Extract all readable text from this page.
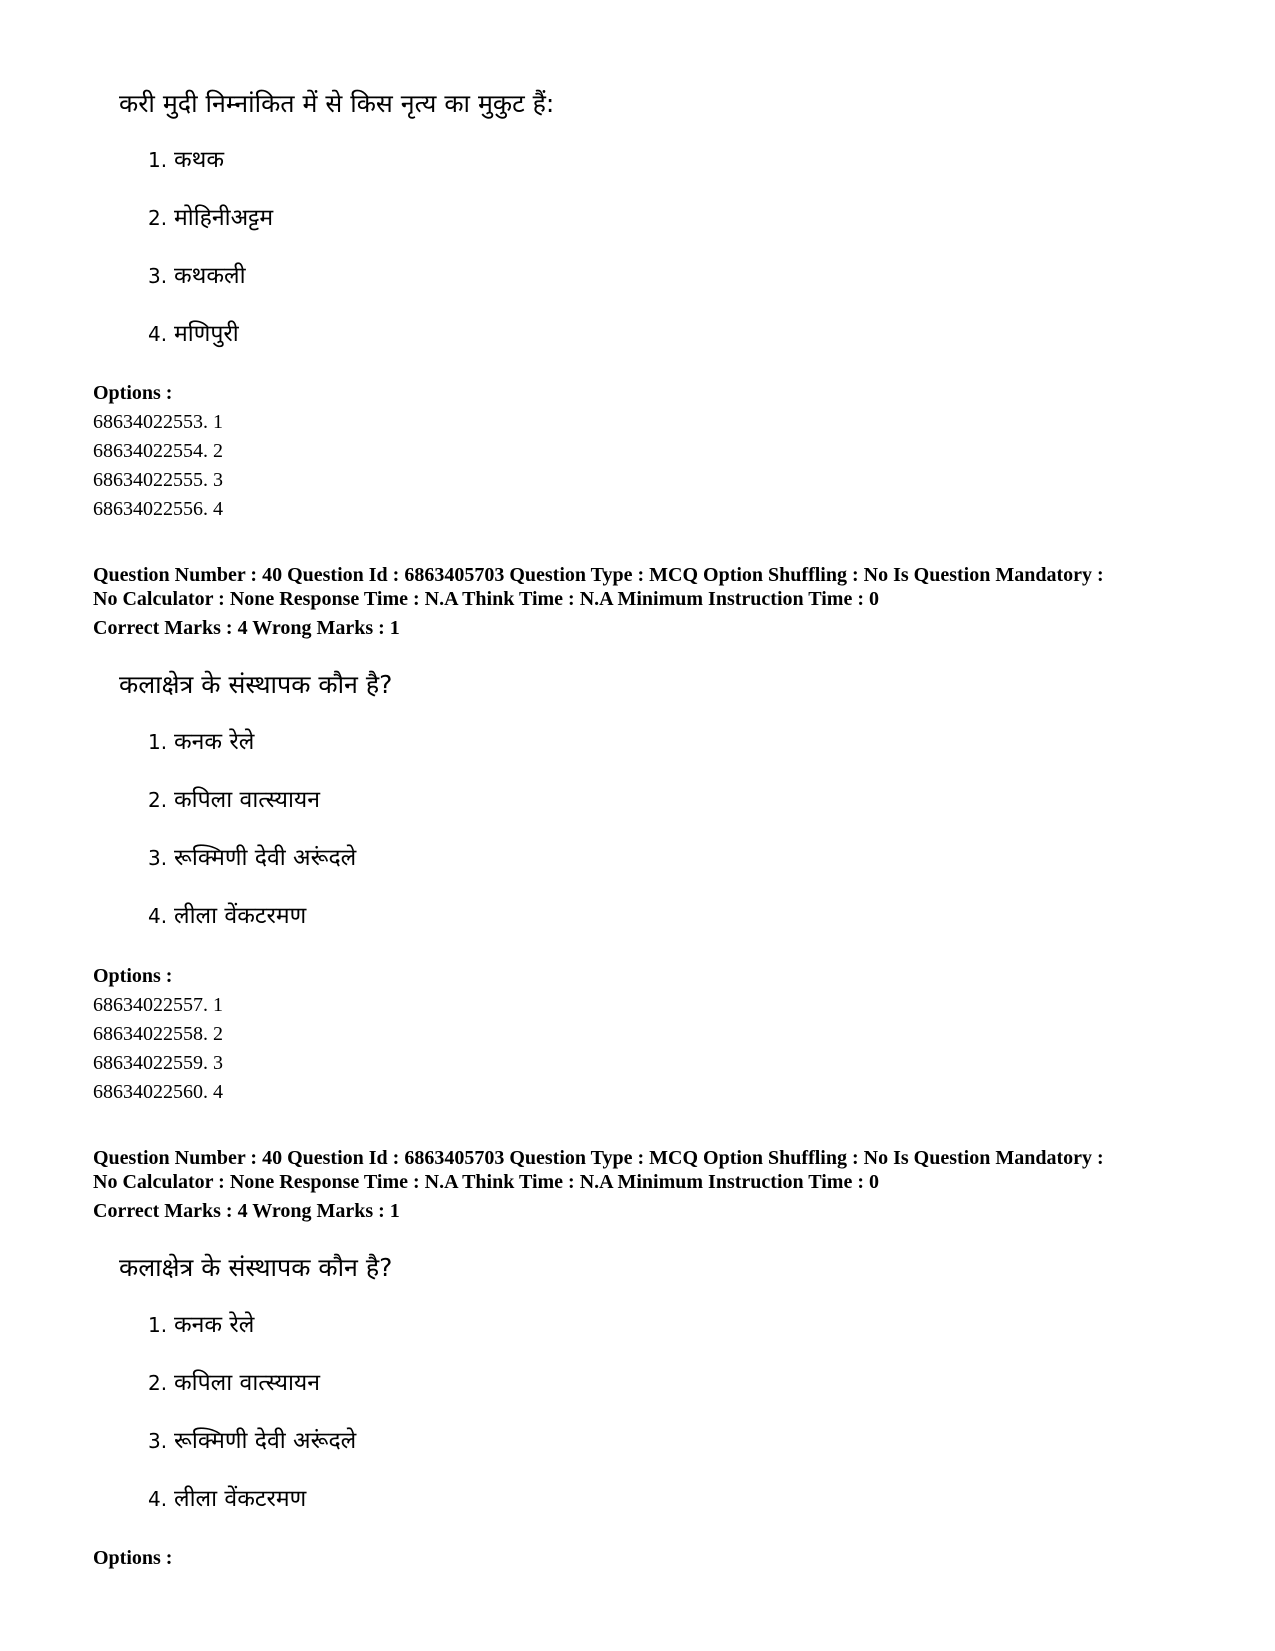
करी मुदी निम्नांकित में से किस नृत्य का मुकुट हैं:
1. कथक
2. मोहिनीअट्टम
3. कथकली
4. मणिपुरी
Options :
68634022553. 1
68634022554. 2
68634022555. 3
68634022556. 4
Question Number : 40 Question Id : 6863405703 Question Type : MCQ Option Shuffling : No Is Question Mandatory :
No Calculator : None Response Time : N.A Think Time : N.A Minimum Instruction Time : 0
Correct Marks : 4 Wrong Marks : 1
कलाक्षेत्र के संस्थापक कौन है?
1. कनक रेले
2. कपिला वात्स्यायन
3. रूक्मिणी देवी अरूंदले
4. लीला वेंकटरमण
Options :
68634022557. 1
68634022558. 2
68634022559. 3
68634022560. 4
Question Number : 40 Question Id : 6863405703 Question Type : MCQ Option Shuffling : No Is Question Mandatory :
No Calculator : None Response Time : N.A Think Time : N.A Minimum Instruction Time : 0
Correct Marks : 4 Wrong Marks : 1
कलाक्षेत्र के संस्थापक कौन है?
1. कनक रेले
2. कपिला वात्स्यायन
3. रूक्मिणी देवी अरूंदले
4. लीला वेंकटरमण
Options :
